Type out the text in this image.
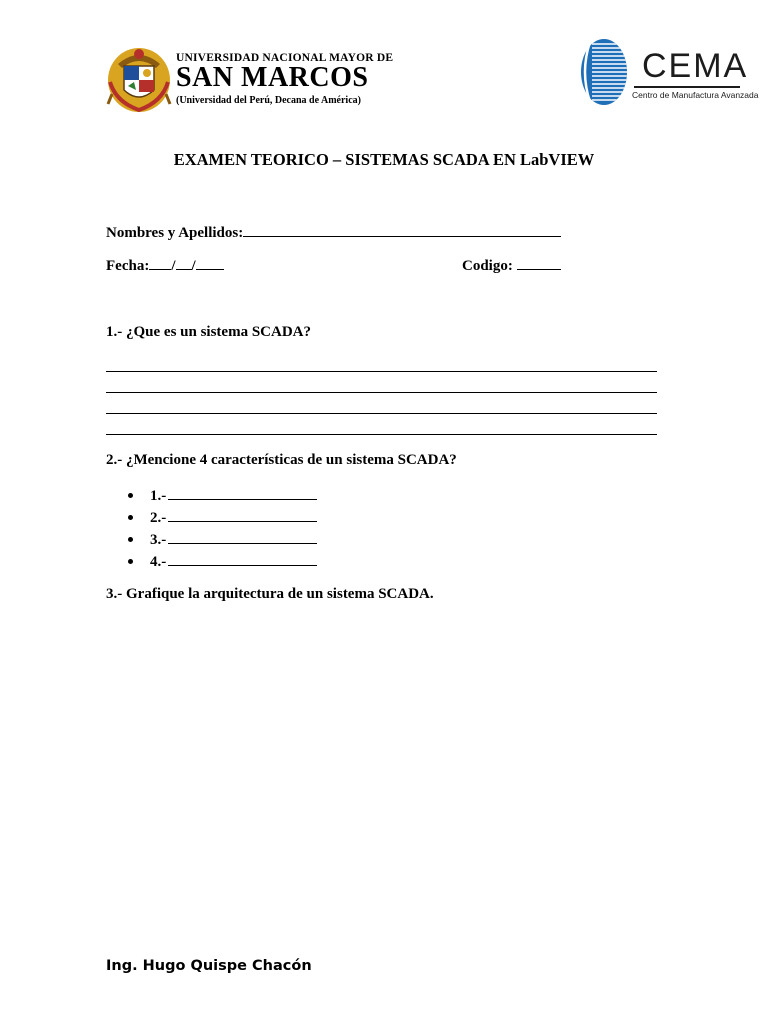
UNIVERSIDAD NACIONAL MAYOR DE
SAN MARCOS
(Universidad del Perú, Decana de América)
CEMA
Centro de Manufactura Avanzada
EXAMEN TEORICO – SISTEMAS SCADA EN LabVIEW
Nombres y Apellidos:
Fecha: / /	Codigo:
1.- ¿Que es un sistema SCADA?
2.- ¿Mencione 4 características de un sistema SCADA?
1.-
2.-
3.-
4.-
3.- Grafique la arquitectura de un sistema SCADA.
Ing. Hugo Quispe Chacón
